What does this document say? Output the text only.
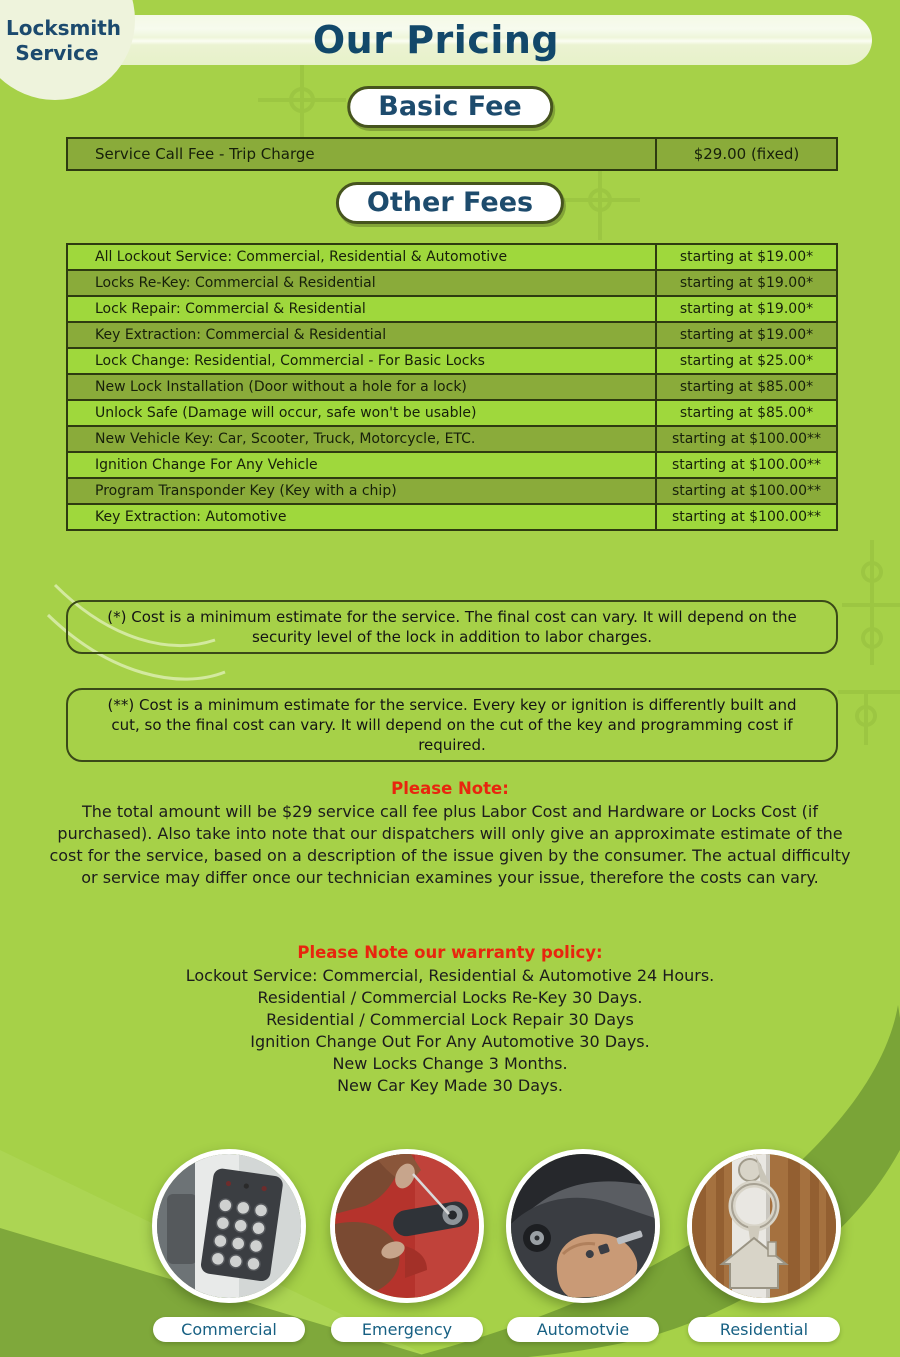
Locksmith
Service	Our Pricing
Basic Fee
Service Call Fee - Trip Charge	$29.00 (fixed)
Other Fees
All Lockout Service: Commercial, Residential & Automotive	starting at $19.00*
Locks Re-Key: Commercial & Residential	starting at $19.00*
Lock Repair: Commercial & Residential	starting at $19.00*
Key Extraction: Commercial & Residential	starting at $19.00*
Lock Change: Residential, Commercial - For Basic Locks	starting at $25.00*
New Lock Installation (Door without a hole for a lock)	starting at $85.00*
Unlock Safe (Damage will occur, safe won't be usable)	starting at $85.00*
New Vehicle Key: Car, Scooter, Truck, Motorcycle, ETC.	starting at $100.00**
Ignition Change For Any Vehicle	starting at $100.00**
Program Transponder Key (Key with a chip)	starting at $100.00**
Key Extraction: Automotive	starting at $100.00**
(*) Cost is a minimum estimate for the service. The final cost can vary. It will depend on the security level of the lock in addition to labor charges.
(**) Cost is a minimum estimate for the service. Every key or ignition is differently built and cut, so the final cost can vary. It will depend on the cut of the key and programming cost if required.
Please Note:
The total amount will be $29 service call fee plus Labor Cost and Hardware or Locks Cost (if purchased). Also take into note that our dispatchers will only give an approximate estimate of the cost for the service, based on a description of the issue given by the consumer. The actual difficulty or service may differ once our technician examines your issue, therefore the costs can vary.
Please Note our warranty policy:
Lockout Service: Commercial, Residential & Automotive 24 Hours.
Residential / Commercial Locks Re-Key 30 Days.
Residential / Commercial Lock Repair 30 Days
Ignition Change Out For Any Automotive 30 Days.
New Locks Change 3 Months.
New Car Key Made 30 Days.
Commercial	Emergency	Automotvie	Residential
